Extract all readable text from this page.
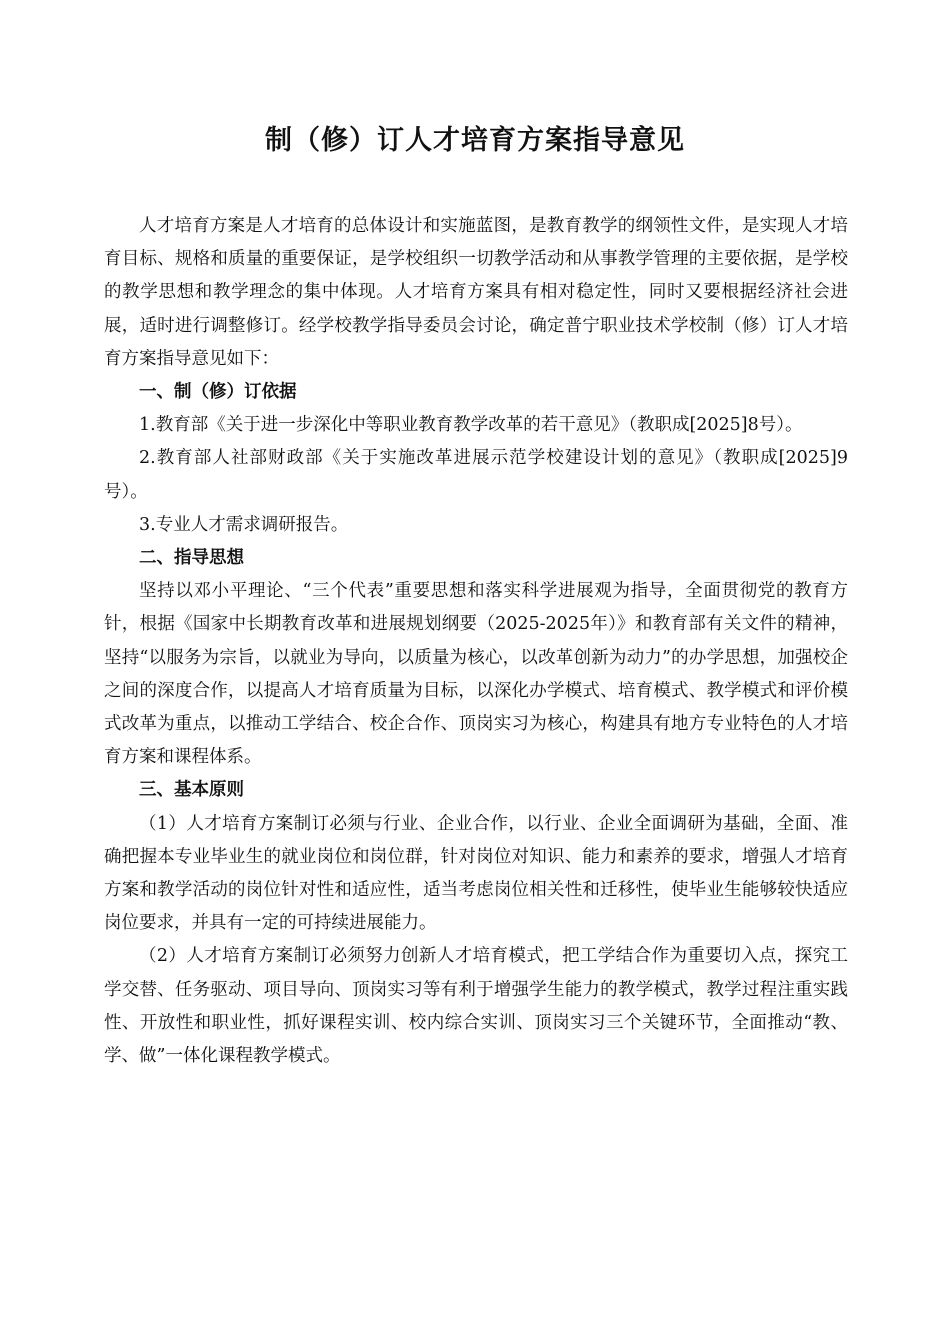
制（修）订人才培育方案指导意见

人才培育方案是人才培育的总体设计和实施蓝图，是教育教学的纲领性文件，是实现人才培育目标、规格和质量的重要保证，是学校组织一切教学活动和从事教学管理的主要依据，是学校的教学思想和教学理念的集中体现。人才培育方案具有相对稳定性，同时又要根据经济社会进展，适时进行调整修订。经学校教学指导委员会讨论，确定普宁职业技术学校制（修）订人才培育方案指导意见如下：

一、制（修）订依据

1.教育部《关于进一步深化中等职业教育教学改革的若干意见》（教职成[2025]8号）。

2.教育部人社部财政部《关于实施改革进展示范学校建设计划的意见》（教职成[2025]9号）。

3.专业人才需求调研报告。

二、指导思想

坚持以邓小平理论、“三个代表”重要思想和落实科学进展观为指导，全面贯彻党的教育方针，根据《国家中长期教育改革和进展规划纲要（2025-2025年）》和教育部有关文件的精神，坚持“以服务为宗旨，以就业为导向，以质量为核心，以改革创新为动力”的办学思想，加强校企之间的深度合作，以提高人才培育质量为目标，以深化办学模式、培育模式、教学模式和评价模式改革为重点，以推动工学结合、校企合作、顶岗实习为核心，构建具有地方专业特色的人才培育方案和课程体系。

三、基本原则

（1）人才培育方案制订必须与行业、企业合作，以行业、企业全面调研为基础，全面、准确把握本专业毕业生的就业岗位和岗位群，针对岗位对知识、能力和素养的要求，增强人才培育方案和教学活动的岗位针对性和适应性，适当考虑岗位相关性和迁移性，使毕业生能够较快适应岗位要求，并具有一定的可持续进展能力。

（2）人才培育方案制订必须努力创新人才培育模式，把工学结合作为重要切入点，探究工学交替、任务驱动、项目导向、顶岗实习等有利于增强学生能力的教学模式，教学过程注重实践性、开放性和职业性，抓好课程实训、校内综合实训、顶岗实习三个关键环节，全面推动“教、学、做”一体化课程教学模式。
